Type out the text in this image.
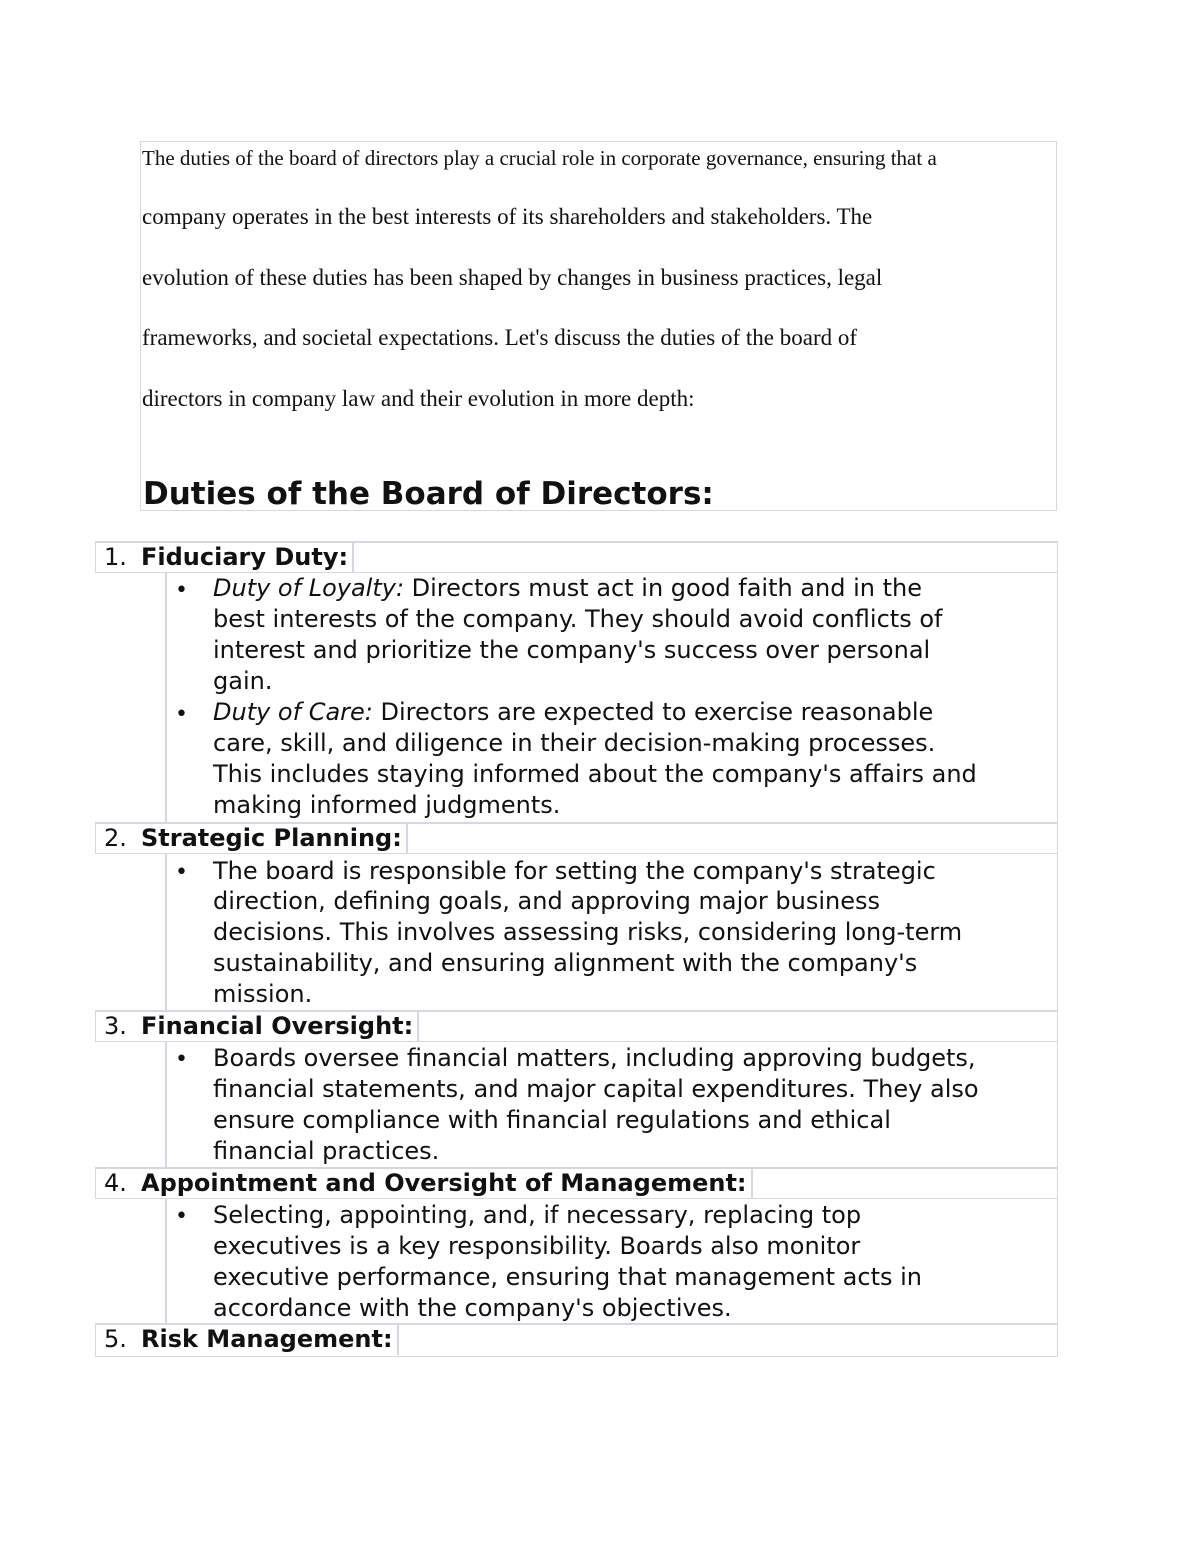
The duties of the board of directors play a crucial role in corporate governance, ensuring that a
company operates in the best interests of its shareholders and stakeholders. The
evolution of these duties has been shaped by changes in business practices, legal
frameworks, and societal expectations. Let's discuss the duties of the board of
directors in company law and their evolution in more depth:
Duties of the Board of Directors:
1. Fiduciary Duty:
• Duty of Loyalty: Directors must act in good faith and in the
best interests of the company. They should avoid conflicts of
interest and prioritize the company's success over personal
gain.
• Duty of Care: Directors are expected to exercise reasonable
care, skill, and diligence in their decision-making processes.
This includes staying informed about the company's affairs and
making informed judgments.
2. Strategic Planning:
• The board is responsible for setting the company's strategic
direction, defining goals, and approving major business
decisions. This involves assessing risks, considering long-term
sustainability, and ensuring alignment with the company's
mission.
3. Financial Oversight:
• Boards oversee financial matters, including approving budgets,
financial statements, and major capital expenditures. They also
ensure compliance with financial regulations and ethical
financial practices.
4. Appointment and Oversight of Management:
• Selecting, appointing, and, if necessary, replacing top
executives is a key responsibility. Boards also monitor
executive performance, ensuring that management acts in
accordance with the company's objectives.
5. Risk Management:
